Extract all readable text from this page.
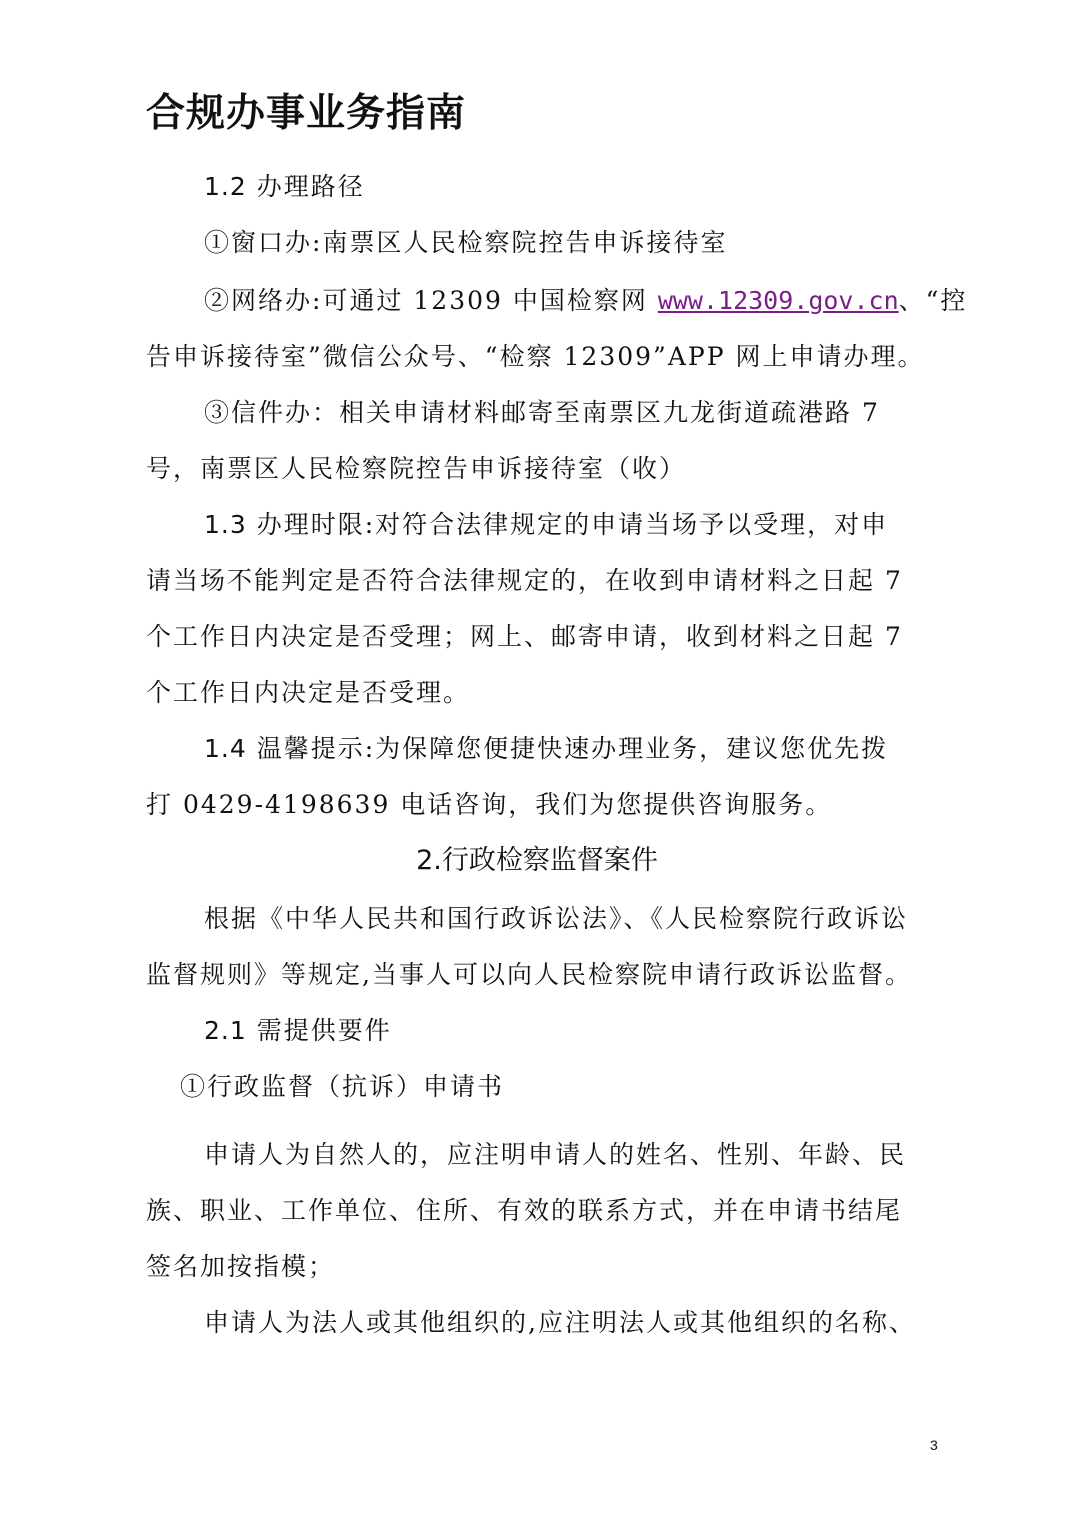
合规办事业务指南
1.2 办理路径
①窗口办:南票区人民检察院控告申诉接待室
②网络办:可通过 12309 中国检察网 www.12309.gov.cn、“控
告申诉接待室”微信公众号、“检察 12309”APP 网上申请办理。
③信件办：相关申请材料邮寄至南票区九龙街道疏港路 7
号，南票区人民检察院控告申诉接待室（收）
1.3 办理时限:对符合法律规定的申请当场予以受理，对申
请当场不能判定是否符合法律规定的，在收到申请材料之日起 7
个工作日内决定是否受理；网上、邮寄申请，收到材料之日起 7
个工作日内决定是否受理。
1.4 温馨提示:为保障您便捷快速办理业务，建议您优先拨
打 0429-4198639 电话咨询，我们为您提供咨询服务。
2.行政检察监督案件
根据《中华人民共和国行政诉讼法》、《人民检察院行政诉讼
监督规则》等规定,当事人可以向人民检察院申请行政诉讼监督。
2.1 需提供要件
①行政监督（抗诉）申请书
申请人为自然人的，应注明申请人的姓名、性别、年龄、民
族、职业、工作单位、住所、有效的联系方式，并在申请书结尾
签名加按指模；
申请人为法人或其他组织的,应注明法人或其他组织的名称、
3
